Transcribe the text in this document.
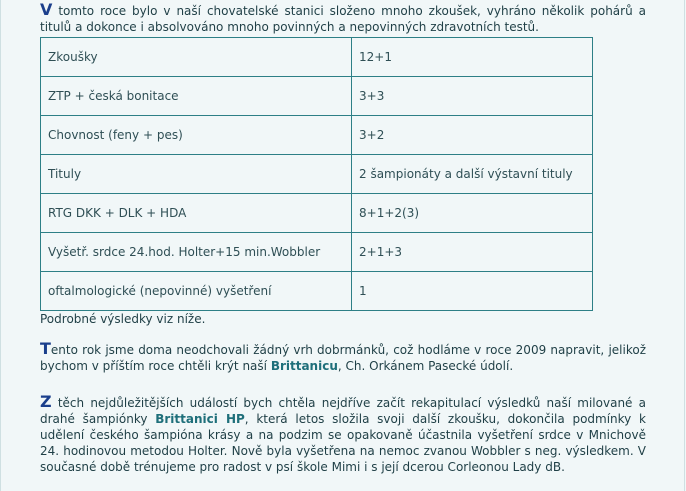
V tomto roce bylo v naší chovatelské stanici složeno mnoho zkoušek, vyhráno několik pohárů a titulů a dokonce i absolvováno mnoho povinných a nepovinných zdravotních testů.

Zkoušky	12+1
ZTP + česká bonitace	3+3
Chovnost (feny + pes)	3+2
Tituly	2 šampionáty a další výstavní tituly
RTG DKK + DLK + HDA	8+1+2(3)
Vyšetř. srdce 24.hod. Holter+15 min.Wobbler	2+1+3
oftalmologické (nepovinné) vyšetření	1

Podrobné výsledky viz níže.

Tento rok jsme doma neodchovali žádný vrh dobrmánků, což hodláme v roce 2009 napravit, jelikož bychom v příštím roce chtěli krýt naší Brittanicu, Ch. Orkánem Pasecké údolí.

Z těch nejdůležitějších událostí bych chtěla nejdříve začít rekapitulací výsledků naší milované a drahé šampiónky Brittanici HP, která letos složila svoji další zkoušku, dokončila podmínky k udělení českého šampióna krásy a na podzim se opakovaně účastnila vyšetření srdce v Mnichově 24. hodinovou metodou Holter. Nově byla vyšetřena na nemoc zvanou Wobbler s neg. výsledkem. V současné době trénujeme pro radost v psí škole Mimi i s její dcerou Corleonou Lady dB.
